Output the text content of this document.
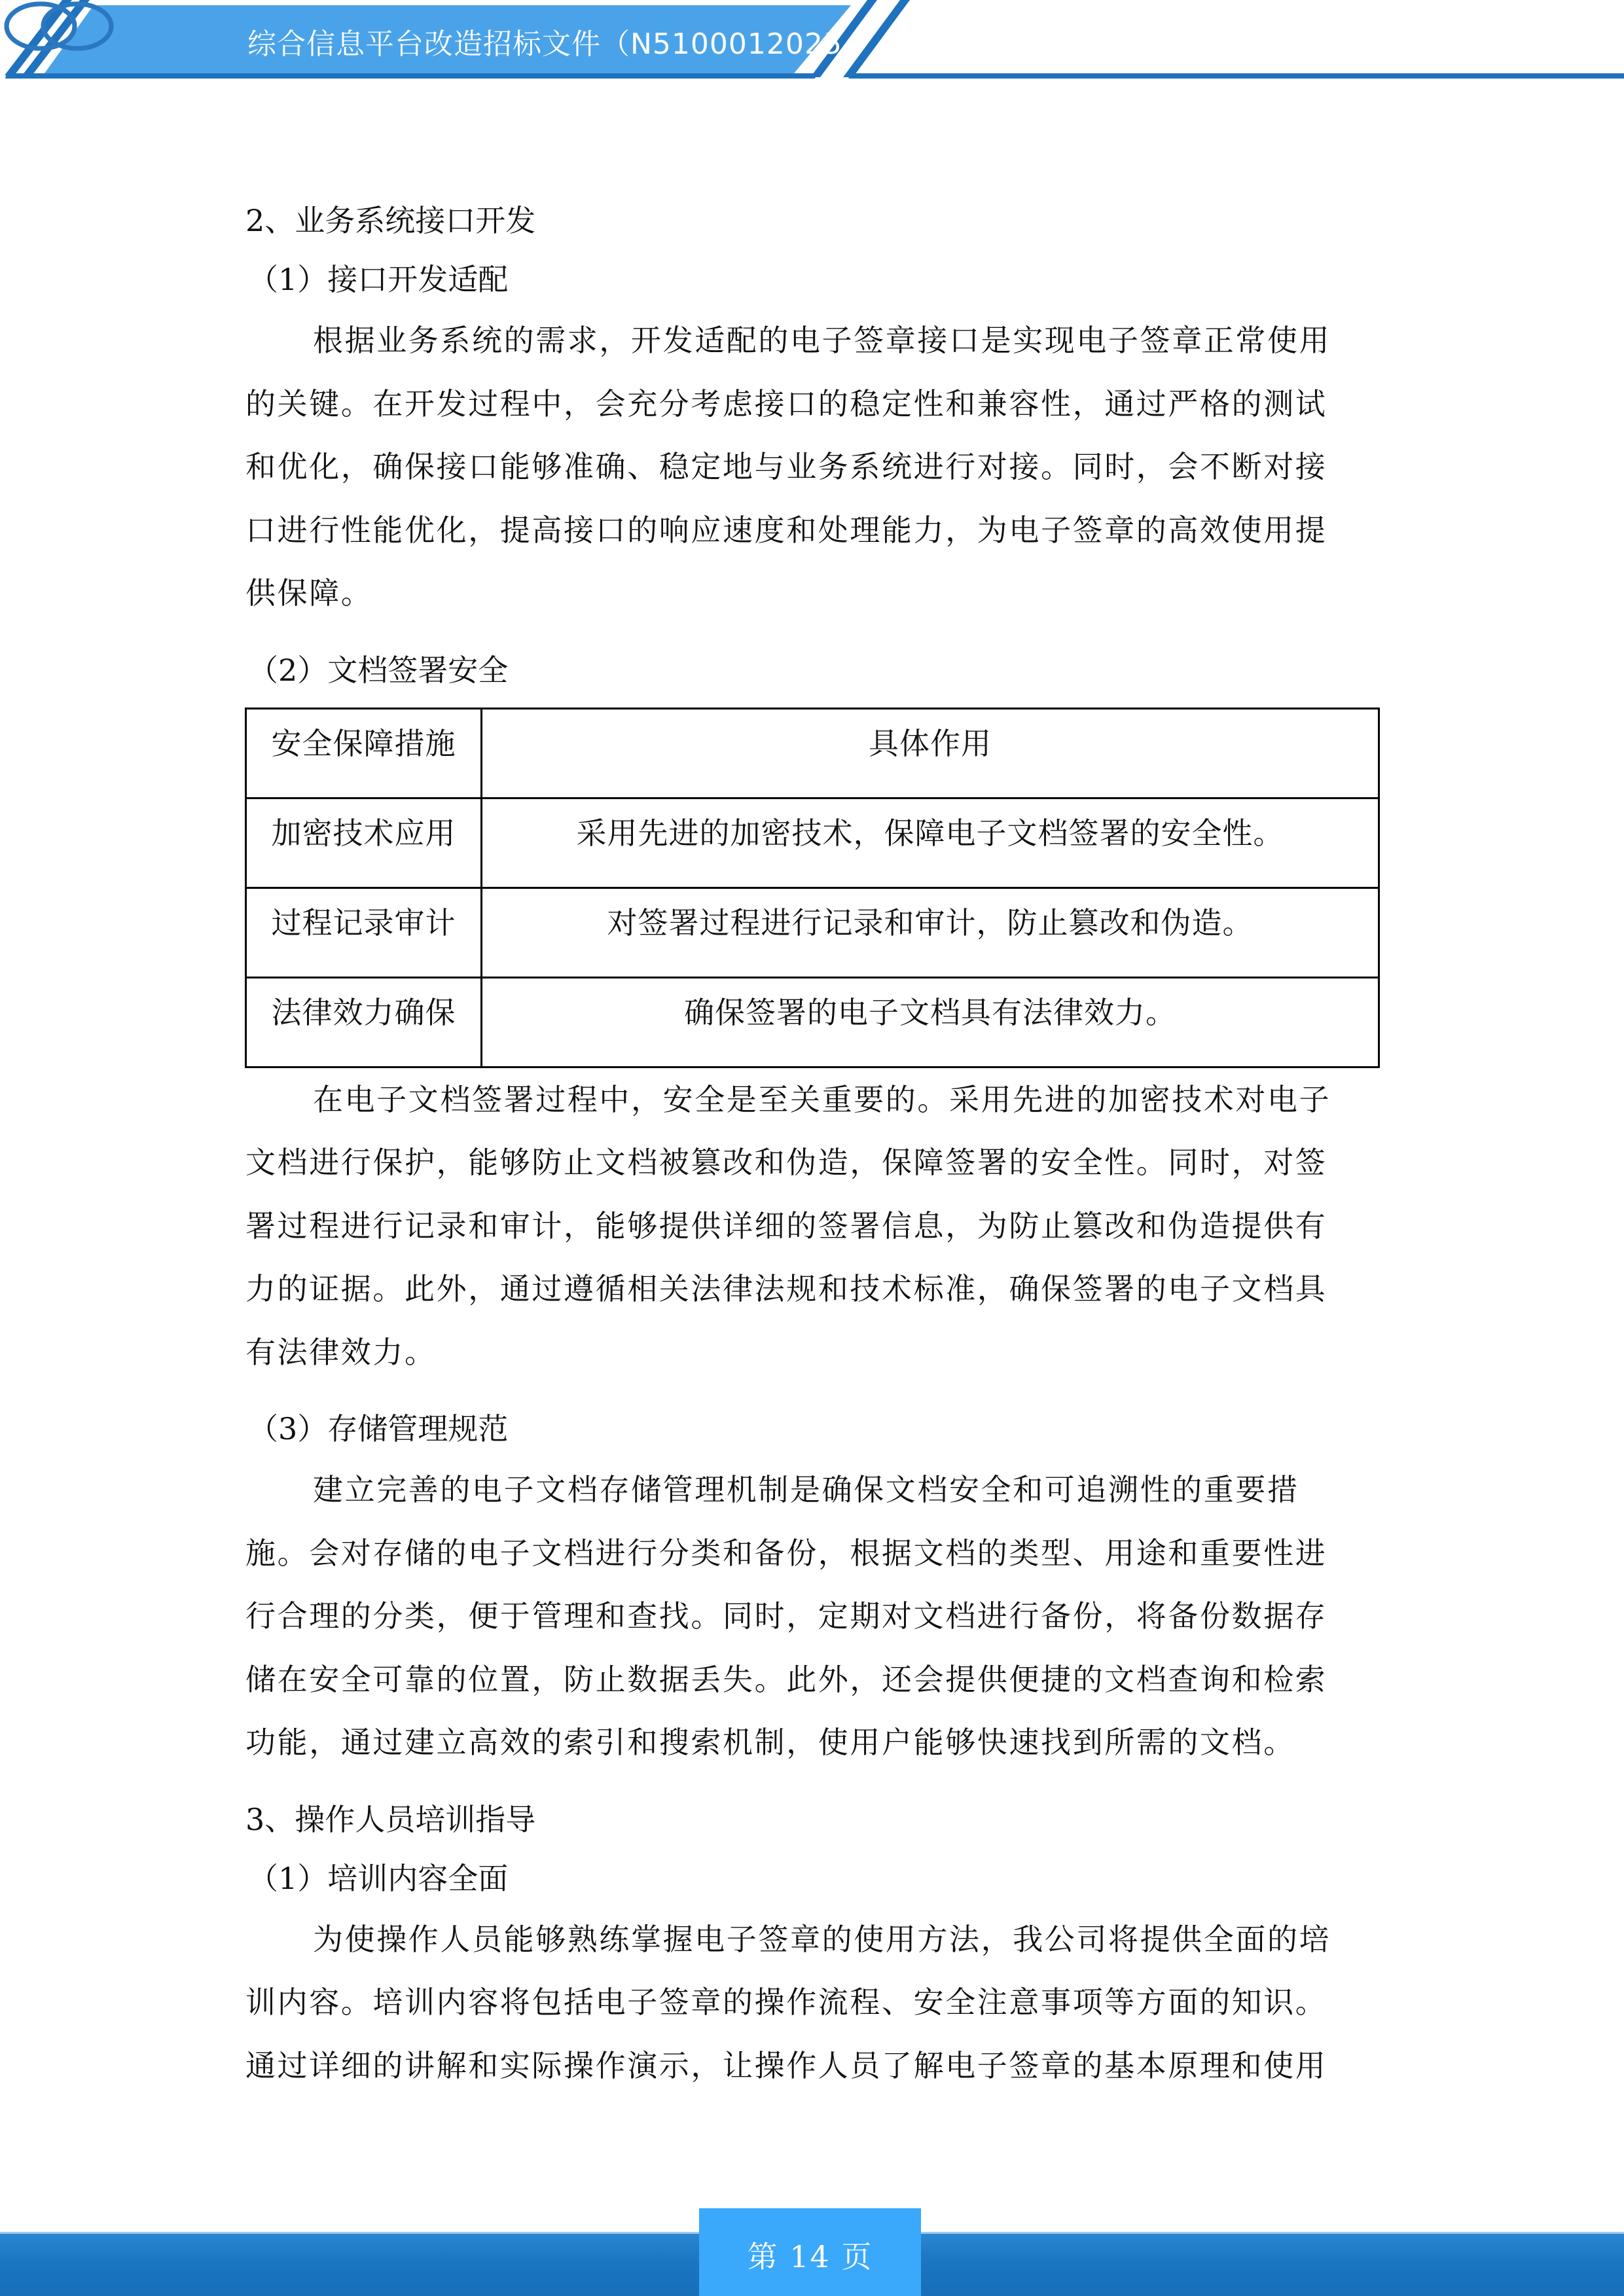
综合信息平台改造招标文件（N5100012025
2、业务系统接口开发
（1）接口开发适配

根据业务系统的需求，开发适配的电子签章接口是实现电子签章正常使用

的关键。在开发过程中，会充分考虑接口的稳定性和兼容性，通过严格的测试

和优化，确保接口能够准确、稳定地与业务系统进行对接。同时，会不断对接

口进行性能优化，提高接口的响应速度和处理能力，为电子签章的高效使用提

供保障。

（2）文档签署安全
安全保障措施	具体作用
加密技术应用	采用先进的加密技术，保障电子文档签署的安全性。
过程记录审计	对签署过程进行记录和审计，防止篡改和伪造。
法律效力确保	确保签署的电子文档具有法律效力。

在电子文档签署过程中，安全是至关重要的。采用先进的加密技术对电子

文档进行保护，能够防止文档被篡改和伪造，保障签署的安全性。同时，对签

署过程进行记录和审计，能够提供详细的签署信息，为防止篡改和伪造提供有

力的证据。此外，通过遵循相关法律法规和技术标准，确保签署的电子文档具

有法律效力。

（3）存储管理规范

建立完善的电子文档存储管理机制是确保文档安全和可追溯性的重要措

施。会对存储的电子文档进行分类和备份，根据文档的类型、用途和重要性进

行合理的分类，便于管理和查找。同时，定期对文档进行备份，将备份数据存

储在安全可靠的位置，防止数据丢失。此外，还会提供便捷的文档查询和检索

功能，通过建立高效的索引和搜索机制，使用户能够快速找到所需的文档。

3、操作人员培训指导
（1）培训内容全面

为使操作人员能够熟练掌握电子签章的使用方法，我公司将提供全面的培

训内容。培训内容将包括电子签章的操作流程、安全注意事项等方面的知识。

通过详细的讲解和实际操作演示，让操作人员了解电子签章的基本原理和使用

第 14 页
